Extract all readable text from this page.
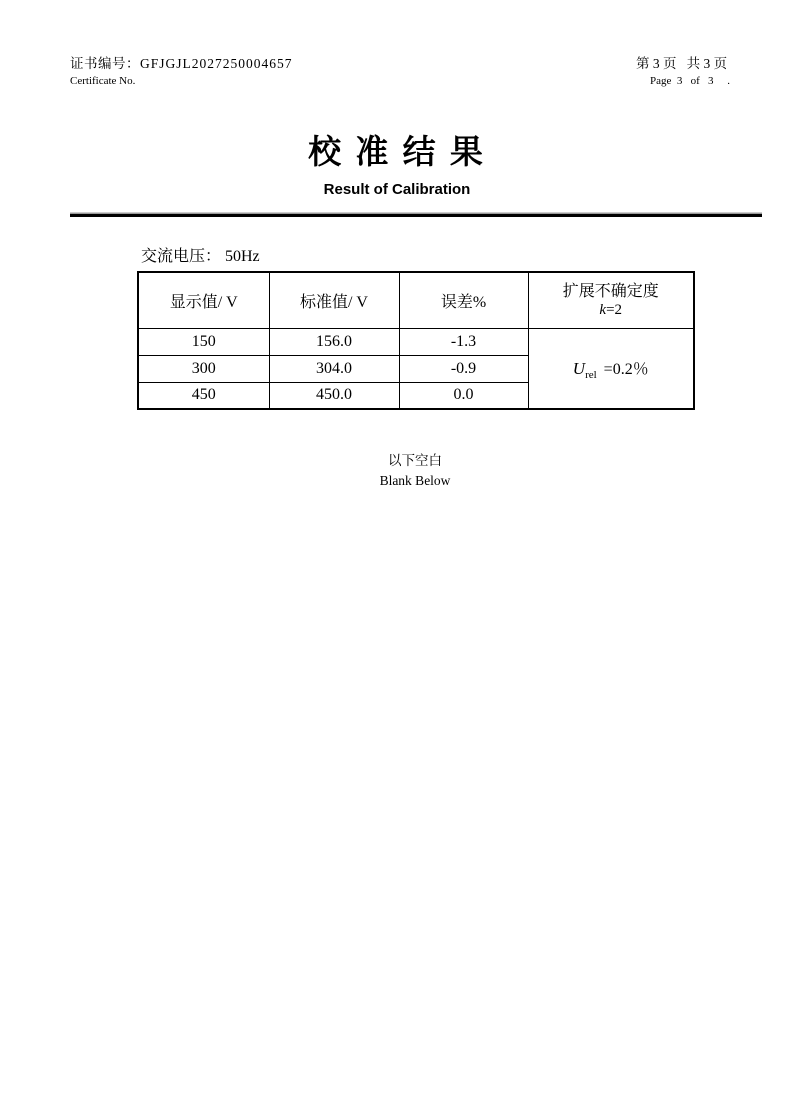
证书编号：GFJGJL2027250004657
Certificate No.
第 3 页   共 3 页
Page  3   of   3     .
校 准 结 果
Result of Calibration
交流电压： 50Hz
显示值/ V	标准值/ V	误差%	扩展不确定度
k=2

150	156.0	-1.3	$U_{rel} =0.2$％
300	304.0	-0.9	
450	450.0	0.0	
以下空白
Blank Below
